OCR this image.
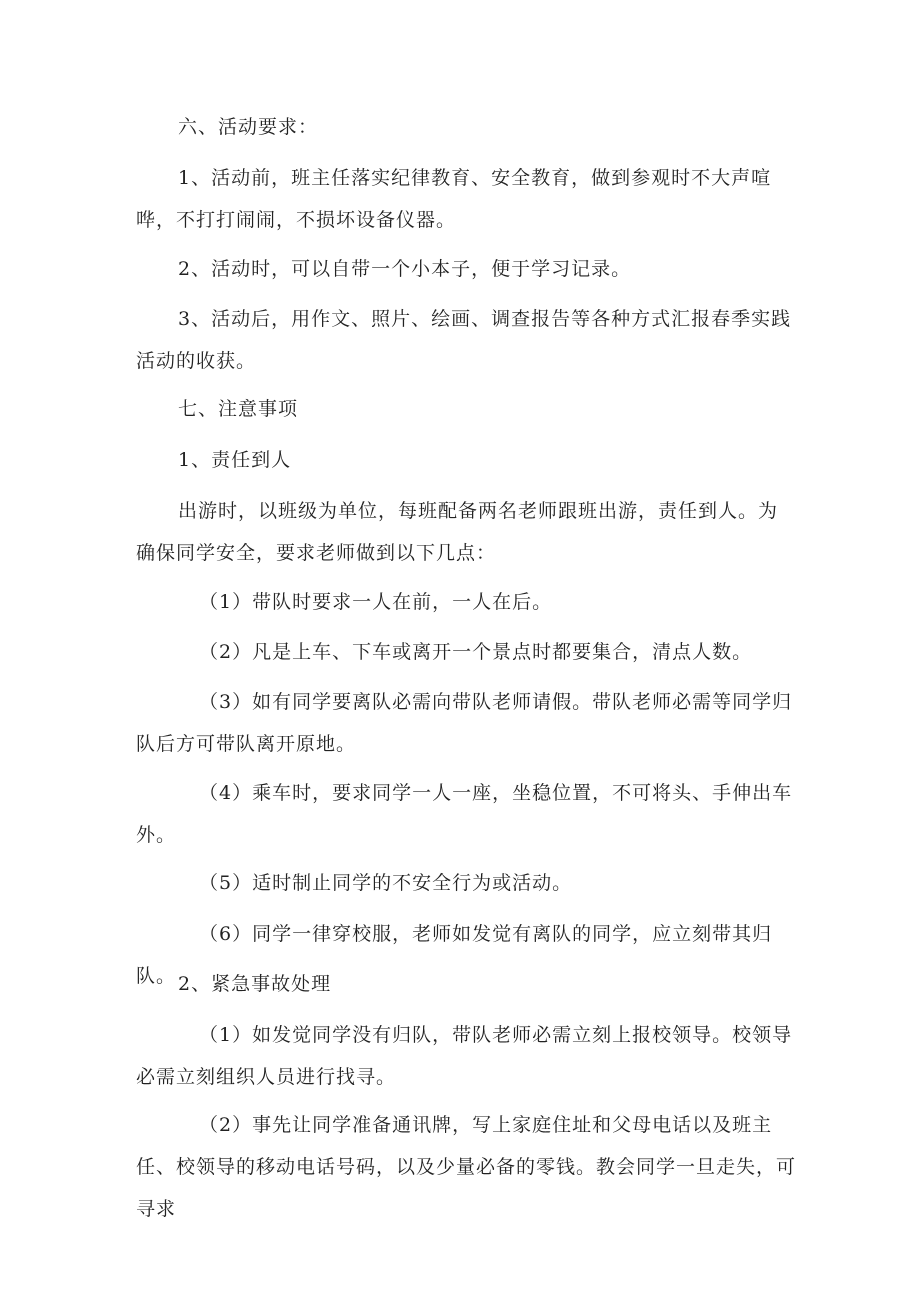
六、活动要求：

1、活动前，班主任落实纪律教育、安全教育，做到参观时不大声喧哗，不打打闹闹，不损坏设备仪器。

2、活动时，可以自带一个小本子，便于学习记录。

3、活动后，用作文、照片、绘画、调查报告等各种方式汇报春季实践活动的收获。

七、注意事项

1、责任到人

出游时，以班级为单位，每班配备两名老师跟班出游，责任到人。为确保同学安全，要求老师做到以下几点：

（1）带队时要求一人在前，一人在后。

（2）凡是上车、下车或离开一个景点时都要集合，清点人数。

（3）如有同学要离队必需向带队老师请假。带队老师必需等同学归队后方可带队离开原地。

（4）乘车时，要求同学一人一座，坐稳位置，不可将头、手伸出车外。

（5）适时制止同学的不安全行为或活动。

（6）同学一律穿校服，老师如发觉有离队的同学，应立刻带其归队。 2、紧急事故处理

（1）如发觉同学没有归队，带队老师必需立刻上报校领导。校领导必需立刻组织人员进行找寻。

（2）事先让同学准备通讯牌，写上家庭住址和父母电话以及班主任、校领导的移动电话号码，以及少量必备的零钱。教会同学一旦走失，可寻求
